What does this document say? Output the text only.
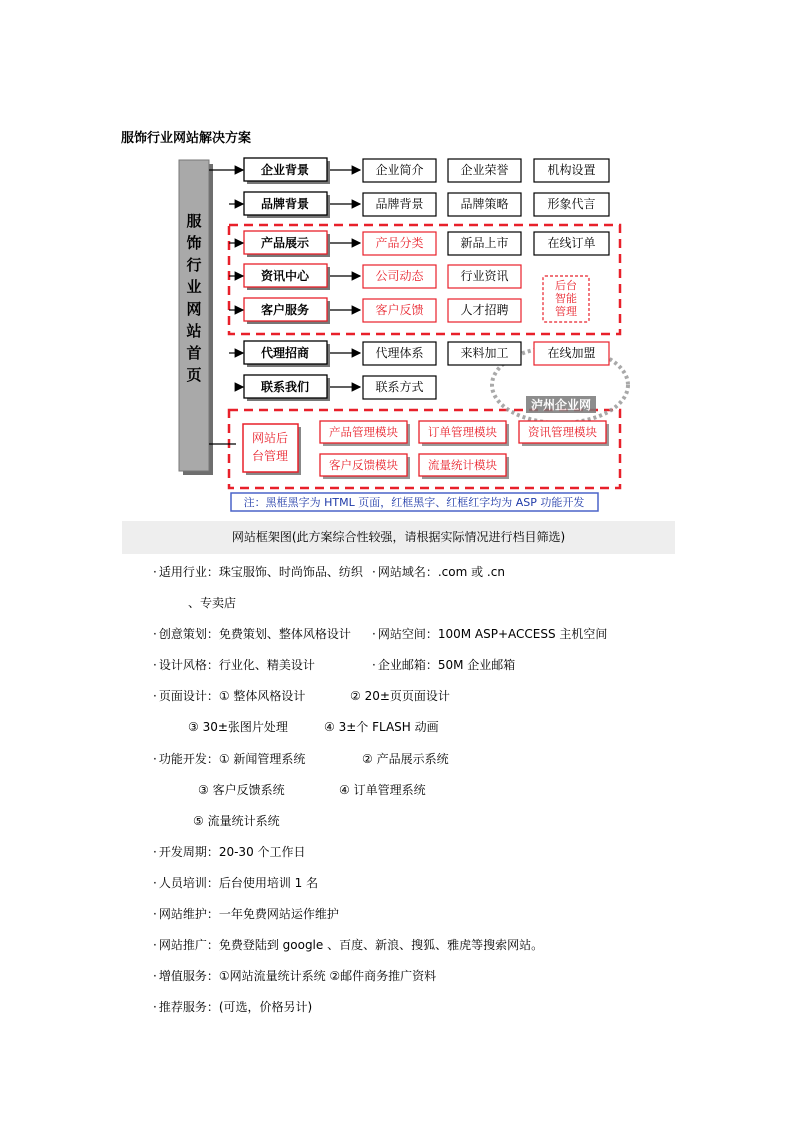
服饰行业网站解决方案
泸州企业网
服
饰
行
业
网
站
首
页
企业背景	企业简介	企业荣誉	机构设置
品牌背景	品牌背景	品牌策略	形象代言
产品展示	产品分类	新品上市	在线订单
资讯中心	公司动态	行业资讯
客户服务	客户反馈	人才招聘
代理招商	代理体系	来料加工	在线加盟
联系我们	联系方式
后台
智能
管理
网站后
台管理
产品管理模块	订单管理模块	资讯管理模块
客户反馈模块	流量统计模块
注：黑框黑字为 HTML 页面，红框黑字、红框红字均为 ASP 功能开发
网站框架图(此方案综合性较强，请根据实际情况进行档目筛选)
· 适用行业：珠宝服饰、时尚饰品、纺织 · 网站域名：.com 或 .cn
、专卖店
· 创意策划：免费策划、整体风格设计 · 网站空间：100M ASP+ACCESS 主机空间
· 设计风格：行业化、精美设计	· 企业邮箱：50M 企业邮箱
· 页面设计：① 整体风格设计	② 20±页页面设计
③ 30±张图片处理	④ 3±个 FLASH 动画
· 功能开发：① 新闻管理系统	② 产品展示系统
③ 客户反馈系统	④ 订单管理系统
⑤ 流量统计系统
· 开发周期：20-30 个工作日
· 人员培训：后台使用培训 1 名
· 网站维护：一年免费网站运作维护
· 网站推广：免费登陆到 google 、百度、新浪、搜狐、雅虎等搜索网站。
· 增值服务：①网站流量统计系统 ②邮件商务推广资料
· 推荐服务：(可选，价格另计)
